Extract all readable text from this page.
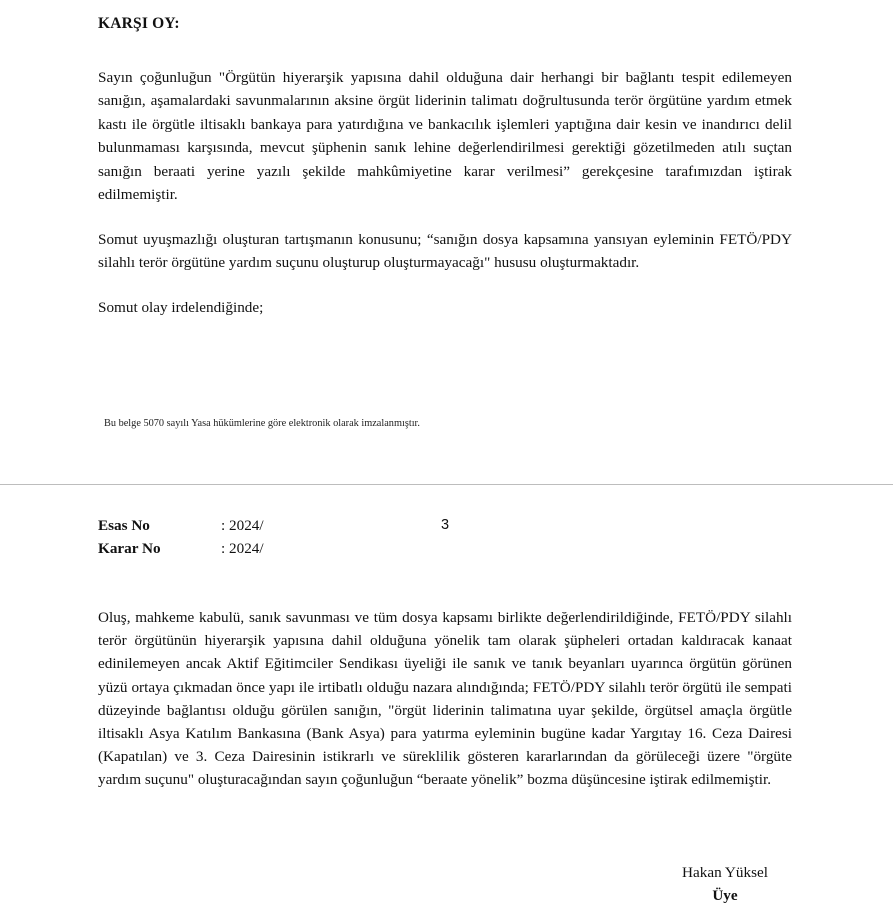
KARŞI OY:

Sayın çoğunluğun "Örgütün hiyerarşik yapısına dahil olduğuna dair herhangi bir bağlantı tespit edilemeyen sanığın, aşamalardaki savunmalarının aksine örgüt liderinin talimatı doğrultusunda terör örgütüne yardım etmek kastı ile örgütle iltisaklı bankaya para yatırdığına ve bankacılık işlemleri yaptığına dair kesin ve inandırıcı delil bulunmaması karşısında, mevcut şüphenin sanık lehine değerlendirilmesi gerektiği gözetilmeden atılı suçtan sanığın beraati yerine yazılı şekilde mahkûmiyetine karar verilmesi” gerekçesine tarafımızdan iştirak edilmemiştir.

Somut uyuşmazlığı oluşturan tartışmanın konusunu; “sanığın dosya kapsamına yansıyan eyleminin FETÖ/PDY silahlı terör örgütüne yardım suçunu oluşturup oluşturmayacağı" hususu oluşturmaktadır.

Somut olay irdelendiğinde;

Bu belge 5070 sayılı Yasa hükümlerine göre elektronik olarak imzalanmıştır.
Esas No	: 2024/	3
Karar No	: 2024/

Oluş, mahkeme kabulü, sanık savunması ve tüm dosya kapsamı birlikte değerlendirildiğinde, FETÖ/PDY silahlı terör örgütünün hiyerarşik yapısına dahil olduğuna yönelik tam olarak şüpheleri ortadan kaldıracak kanaat edinilemeyen ancak Aktif Eğitimciler Sendikası üyeliği ile sanık ve tanık beyanları uyarınca örgütün görünen yüzü ortaya çıkmadan önce yapı ile irtibatlı olduğu nazara alındığında; FETÖ/PDY silahlı terör örgütü ile sempati düzeyinde bağlantısı olduğu görülen sanığın, "örgüt liderinin talimatına uyar şekilde, örgütsel amaçla örgütle iltisaklı Asya Katılım Bankasına (Bank Asya) para yatırma eyleminin bugüne kadar Yargıtay 16. Ceza Dairesi (Kapatılan) ve 3. Ceza Dairesinin istikrarlı ve süreklilik gösteren kararlarından da görüleceği üzere "örgüte yardım suçunu" oluşturacağından sayın çoğunluğun “beraate yönelik” bozma düşüncesine iştirak edilmemiştir.

Hakan Yüksel
Üye
